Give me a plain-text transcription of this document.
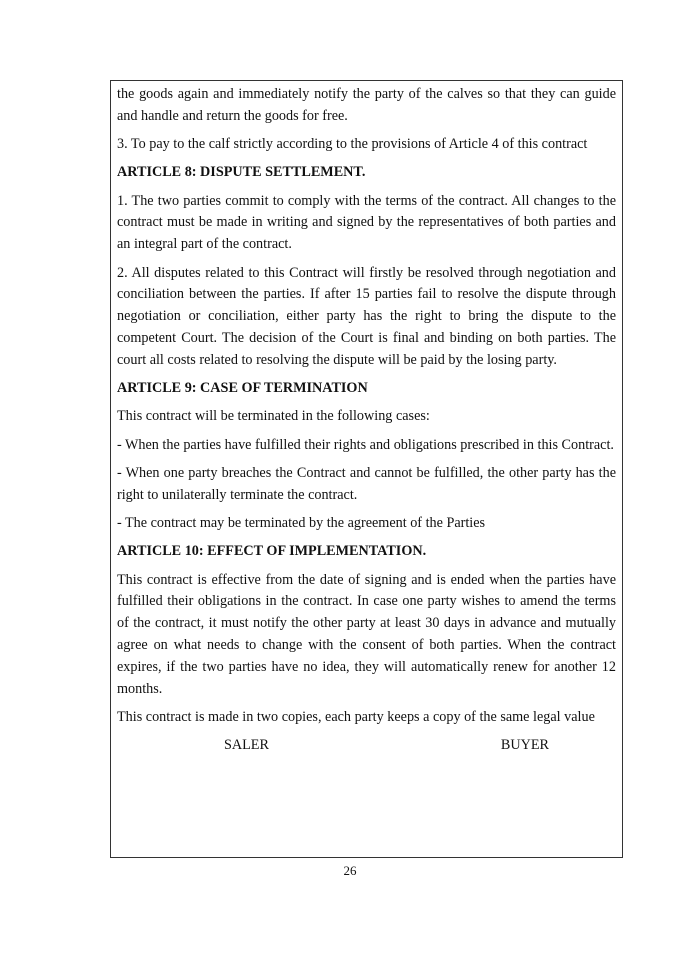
the goods again and immediately notify the party of the calves so that they can guide and handle and return the goods for free.

3. To pay to the calf strictly according to the provisions of Article 4 of this contract

ARTICLE 8: DISPUTE SETTLEMENT.

1. The two parties commit to comply with the terms of the contract. All changes to the contract must be made in writing and signed by the representatives of both parties and an integral part of the contract.

2. All disputes related to this Contract will firstly be resolved through negotiation and conciliation between the parties. If after 15 parties fail to resolve the dispute through negotiation or conciliation, either party has the right to bring the dispute to the competent Court. The decision of the Court is final and binding on both parties. The court all costs related to resolving the dispute will be paid by the losing party.

ARTICLE 9: CASE OF TERMINATION

This contract will be terminated in the following cases:

- When the parties have fulfilled their rights and obligations prescribed in this Contract.

- When one party breaches the Contract and cannot be fulfilled, the other party has the right to unilaterally terminate the contract.

- The contract may be terminated by the agreement of the Parties

ARTICLE 10: EFFECT OF IMPLEMENTATION.

This contract is effective from the date of signing and is ended when the parties have fulfilled their obligations in the contract. In case one party wishes to amend the terms of the contract, it must notify the other party at least 30 days in advance and mutually agree on what needs to change with the consent of both parties. When the contract expires, if the two parties have no idea, they will automatically renew for another 12 months.

This contract is made in two copies, each party keeps a copy of the same legal value

SALER	BUYER
26
